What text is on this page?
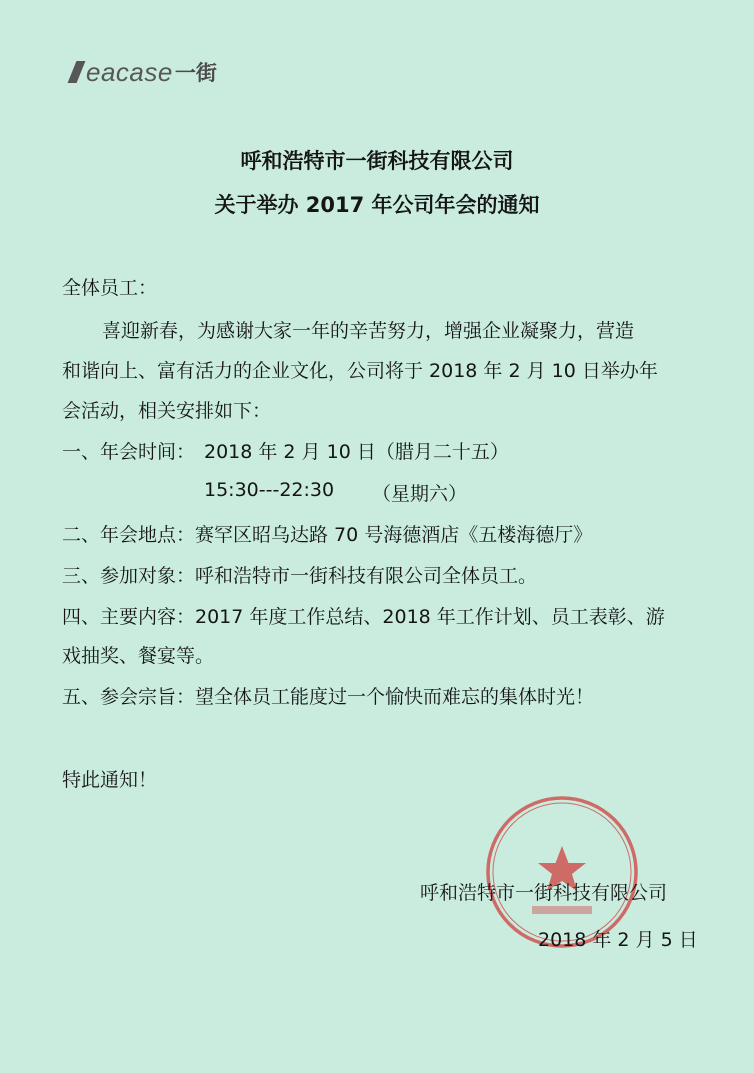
eacase 一街
呼和浩特市一街科技有限公司
关于举办 2017 年公司年会的通知

全体员工：

喜迎新春，为感谢大家一年的辛苦努力，增强企业凝聚力，营造

和谐向上、富有活力的企业文化，公司将于 2018 年 2 月 10 日举办年

会活动，相关安排如下：

一、年会时间： 2018 年 2 月 10 日（腊月二十五）

15:30---22:30 （星期六）

二、年会地点：赛罕区昭乌达路 70 号海德酒店《五楼海德厅》

三、参加对象：呼和浩特市一街科技有限公司全体员工。

四、主要内容：2017 年度工作总结、2018 年工作计划、员工表彰、游

戏抽奖、餐宴等。

五、参会宗旨：望全体员工能度过一个愉快而难忘的集体时光！

特此通知！

呼和浩特市一街科技有限公司

2018 年 2 月 5 日
